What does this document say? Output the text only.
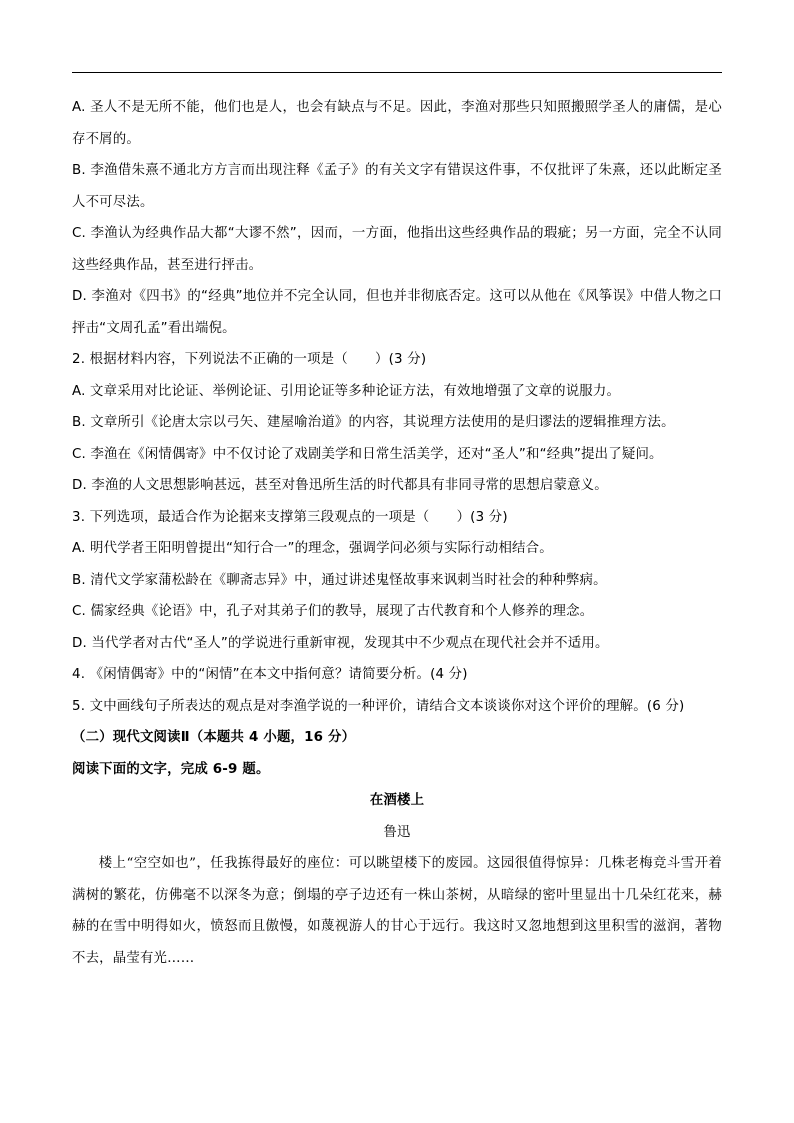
A. 圣人不是无所不能，他们也是人，也会有缺点与不足。因此，李渔对那些只知照搬照学圣人的庸儒，是心存不屑的。

B. 李渔借朱熹不通北方方言而出现注释《孟子》的有关文字有错误这件事，不仅批评了朱熹，还以此断定圣人不可尽法。

C. 李渔认为经典作品大都“大谬不然”，因而，一方面，他指出这些经典作品的瑕疵；另一方面，完全不认同这些经典作品，甚至进行抨击。

D. 李渔对《四书》的“经典”地位并不完全认同，但也并非彻底否定。这可以从他在《风筝误》中借人物之口抨击“文周孔孟”看出端倪。

2. 根据材料内容，下列说法不正确的一项是（　　）(3 分)

A. 文章采用对比论证、举例论证、引用论证等多种论证方法，有效地增强了文章的说服力。

B. 文章所引《论唐太宗以弓矢、建屋喻治道》的内容，其说理方法使用的是归谬法的逻辑推理方法。

C. 李渔在《闲情偶寄》中不仅讨论了戏剧美学和日常生活美学，还对“圣人”和“经典”提出了疑问。

D. 李渔的人文思想影响甚远，甚至对鲁迅所生活的时代都具有非同寻常的思想启蒙意义。

3. 下列选项，最适合作为论据来支撑第三段观点的一项是（　　）(3 分)

A. 明代学者王阳明曾提出“知行合一”的理念，强调学问必须与实际行动相结合。

B. 清代文学家蒲松龄在《聊斋志异》中，通过讲述鬼怪故事来讽刺当时社会的种种弊病。

C. 儒家经典《论语》中，孔子对其弟子们的教导，展现了古代教育和个人修养的理念。

D. 当代学者对古代“圣人”的学说进行重新审视，发现其中不少观点在现代社会并不适用。

4. 《闲情偶寄》中的“闲情”在本文中指何意？请简要分析。(4 分)

5. 文中画线句子所表达的观点是对李渔学说的一种评价，请结合文本谈谈你对这个评价的理解。(6 分)

（二）现代文阅读Ⅱ（本题共 4 小题，16 分）

阅读下面的文字，完成 6-9 题。

在酒楼上

鲁迅

楼上“空空如也”，任我拣得最好的座位：可以眺望楼下的废园。这园很值得惊异：几株老梅竞斗雪开着满树的繁花，仿佛毫不以深冬为意；倒塌的亭子边还有一株山茶树，从暗绿的密叶里显出十几朵红花来，赫赫的在雪中明得如火，愤怒而且傲慢，如蔑视游人的甘心于远行。我这时又忽地想到这里积雪的滋润，著物不去，晶莹有光……
